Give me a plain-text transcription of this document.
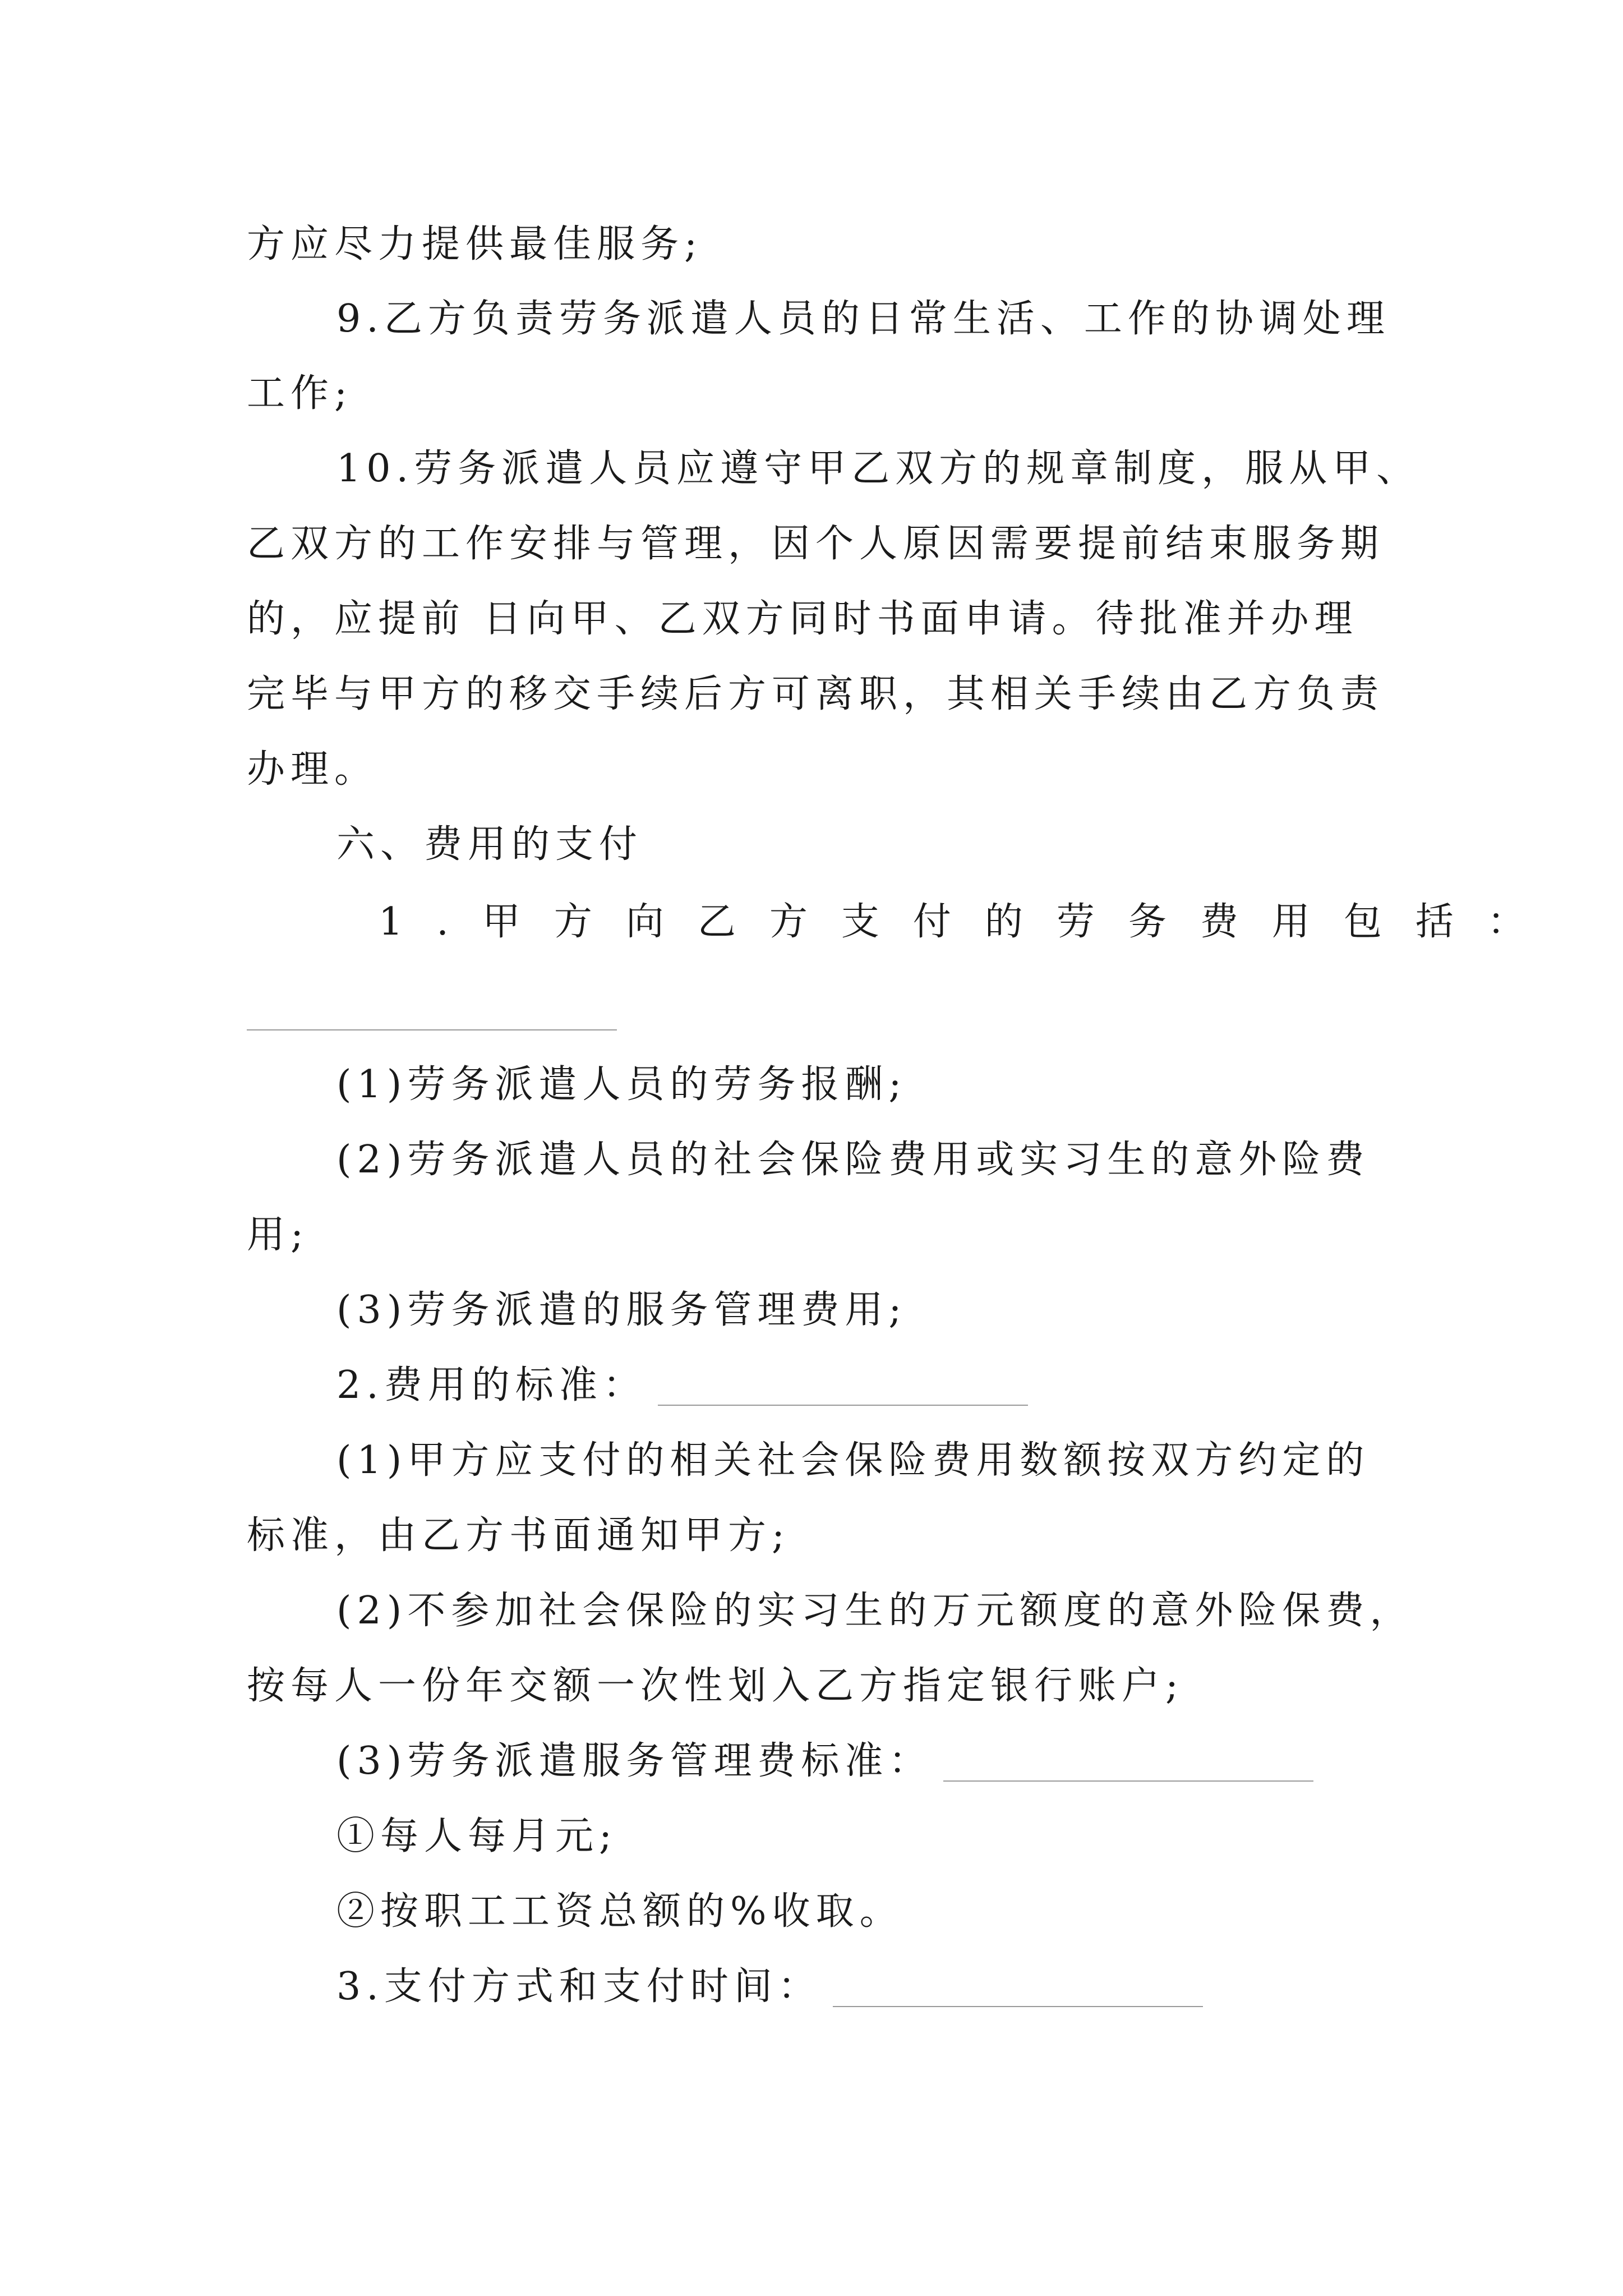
方应尽力提供最佳服务;
9.乙方负责劳务派遣人员的日常生活、工作的协调处理
工作;
10.劳务派遣人员应遵守甲乙双方的规章制度，服从甲、
乙双方的工作安排与管理，因个人原因需要提前结束服务期
的，应提前 日向甲、乙双方同时书面申请。待批准并办理
完毕与甲方的移交手续后方可离职，其相关手续由乙方负责
办理。
六、费用的支付
1.甲方向乙方支付的劳务费用包括：
(1)劳务派遣人员的劳务报酬;
(2)劳务派遣人员的社会保险费用或实习生的意外险费
用;
(3)劳务派遣的服务管理费用;
2.费用的标准：
(1)甲方应支付的相关社会保险费用数额按双方约定的
标准，由乙方书面通知甲方;
(2)不参加社会保险的实习生的万元额度的意外险保费，
按每人一份年交额一次性划入乙方指定银行账户;
(3)劳务派遣服务管理费标准：
①每人每月元;
②按职工工资总额的%收取。
3.支付方式和支付时间：
